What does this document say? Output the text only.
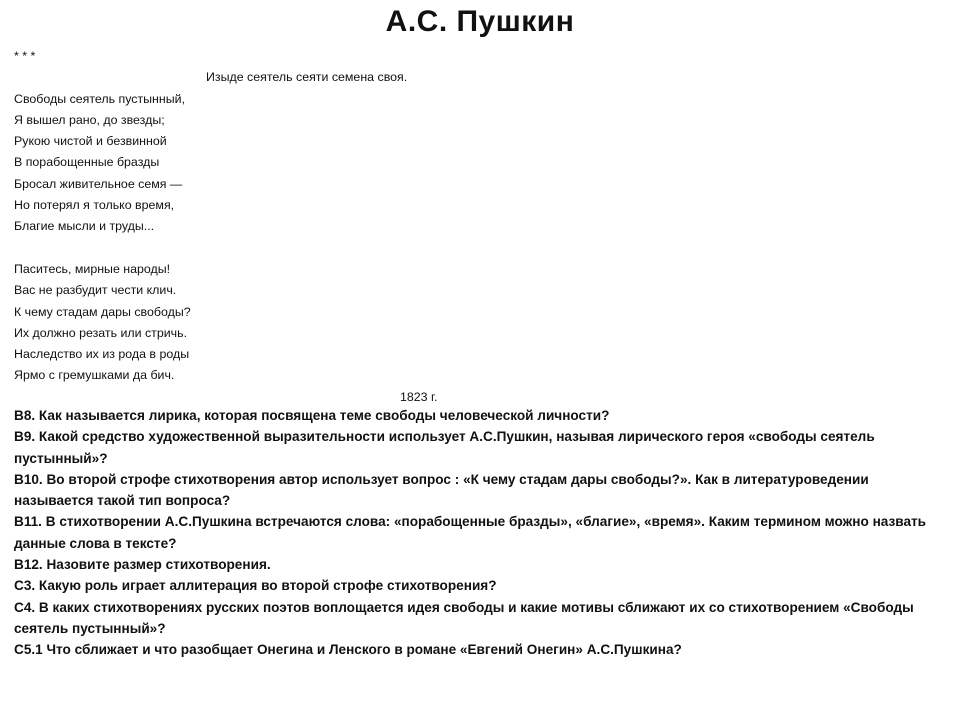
А.С. Пушкин
* * *
Изыде сеятель сеяти семена своя.
Свободы сеятель пустынный,
Я вышел рано, до звезды;
Рукою чистой и безвинной
В порабощенные бразды
Бросал живительное семя —
Но потерял я только время,
Благие мысли и труды...
Паситесь, мирные народы!
Вас не разбудит чести клич.
К чему стадам дары свободы?
Их должно резать или стричь.
Наследство их из рода в роды
Ярмо с гремушками да бич.
1823 г.

В8. Как называется лирика, которая посвящена теме свободы человеческой личности?

В9. Какой средство художественной выразительности использует А.С.Пушкин, называя лирического героя «свободы сеятель пустынный»?

В10. Во второй строфе стихотворения автор использует вопрос : «К чему стадам дары свободы?». Как в литературоведении называется такой тип вопроса?

В11. В стихотворении А.С.Пушкина встречаются слова: «порабощенные бразды», «благие», «время». Каким термином можно назвать данные слова в тексте?

В12. Назовите размер стихотворения.

С3. Какую роль играет аллитерация во второй строфе стихотворения?

С4. В каких стихотворениях русских поэтов воплощается идея свободы и какие мотивы сближают их со стихотворением «Свободы сеятель пустынный»?

С5.1 Что сближает и что разобщает Онегина и Ленского в романе «Евгений Онегин» А.С.Пушкина?
